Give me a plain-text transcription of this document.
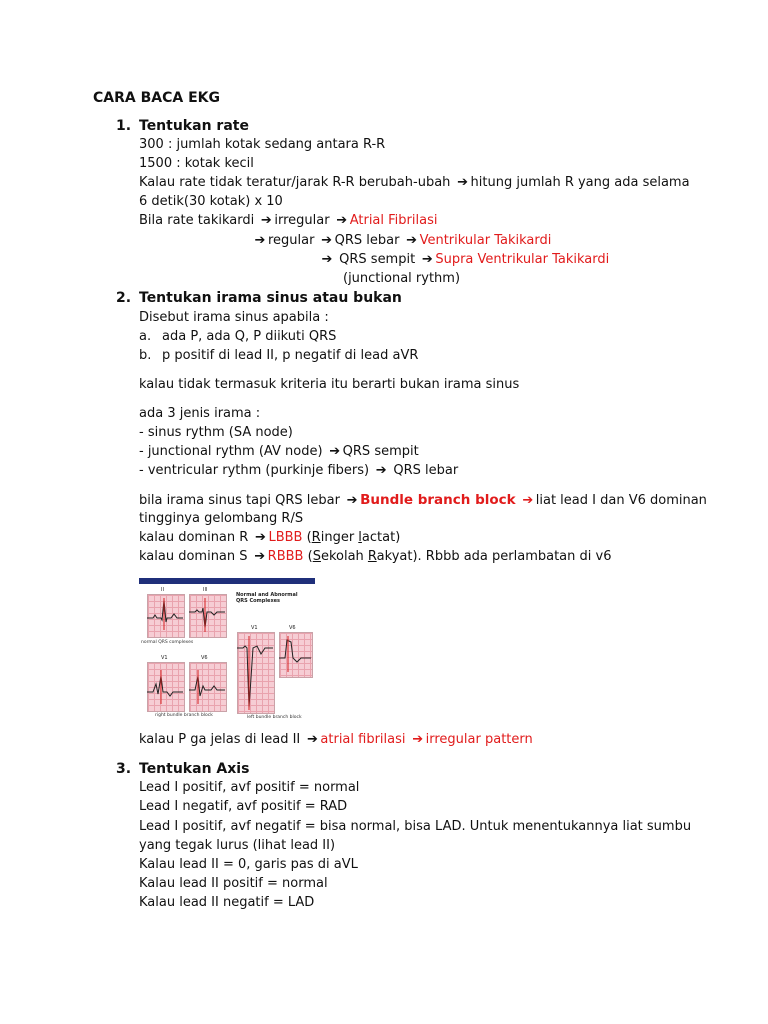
CARA BACA EKG
1. Tentukan rate
300 : jumlah kotak sedang antara R-R
1500 : kotak kecil
Kalau rate tidak teratur/jarak R-R berubah-ubah ➔ hitung jumlah R yang ada selama
6 detik(30 kotak) x 10
Bila rate takikardi ➔ irregular ➔ Atrial Fibrilasi
➔ regular ➔ QRS lebar ➔ Ventrikular Takikardi
➔ QRS sempit ➔ Supra Ventrikular Takikardi
(junctional rythm)
2. Tentukan irama sinus atau bukan
Disebut irama sinus apabila :
a. ada P, ada Q, P diikuti QRS
b. p positif di lead II, p negatif di lead aVR
kalau tidak termasuk kriteria itu berarti bukan irama sinus
ada 3 jenis irama :
- sinus rythm (SA node)
- junctional rythm (AV node) ➔ QRS sempit
- ventricular rythm (purkinje fibers) ➔ QRS lebar
bila irama sinus tapi QRS lebar ➔ Bundle branch block ➔ liat lead I dan V6 dominan
tingginya gelombang R/S
kalau dominan R ➔ LBBB (Ringer lactat)
kalau dominan S ➔ RBBB (Sekolah Rakyat). Rbbb ada perlambatan di v6
Normal and Abnormal
QRS Complexes
II	III
normal QRS complexes
V1	V6
right bundle branch block
V1	V6
left bundle branch block
kalau P ga jelas di lead II ➔ atrial fibrilasi ➔ irregular pattern
3. Tentukan Axis
Lead I positif, avf positif = normal
Lead I negatif, avf positif = RAD
Lead I positif, avf negatif = bisa normal, bisa LAD. Untuk menentukannya liat sumbu
yang tegak lurus (lihat lead II)
Kalau lead II = 0, garis pas di aVL
Kalau lead II positif = normal
Kalau lead II negatif = LAD
